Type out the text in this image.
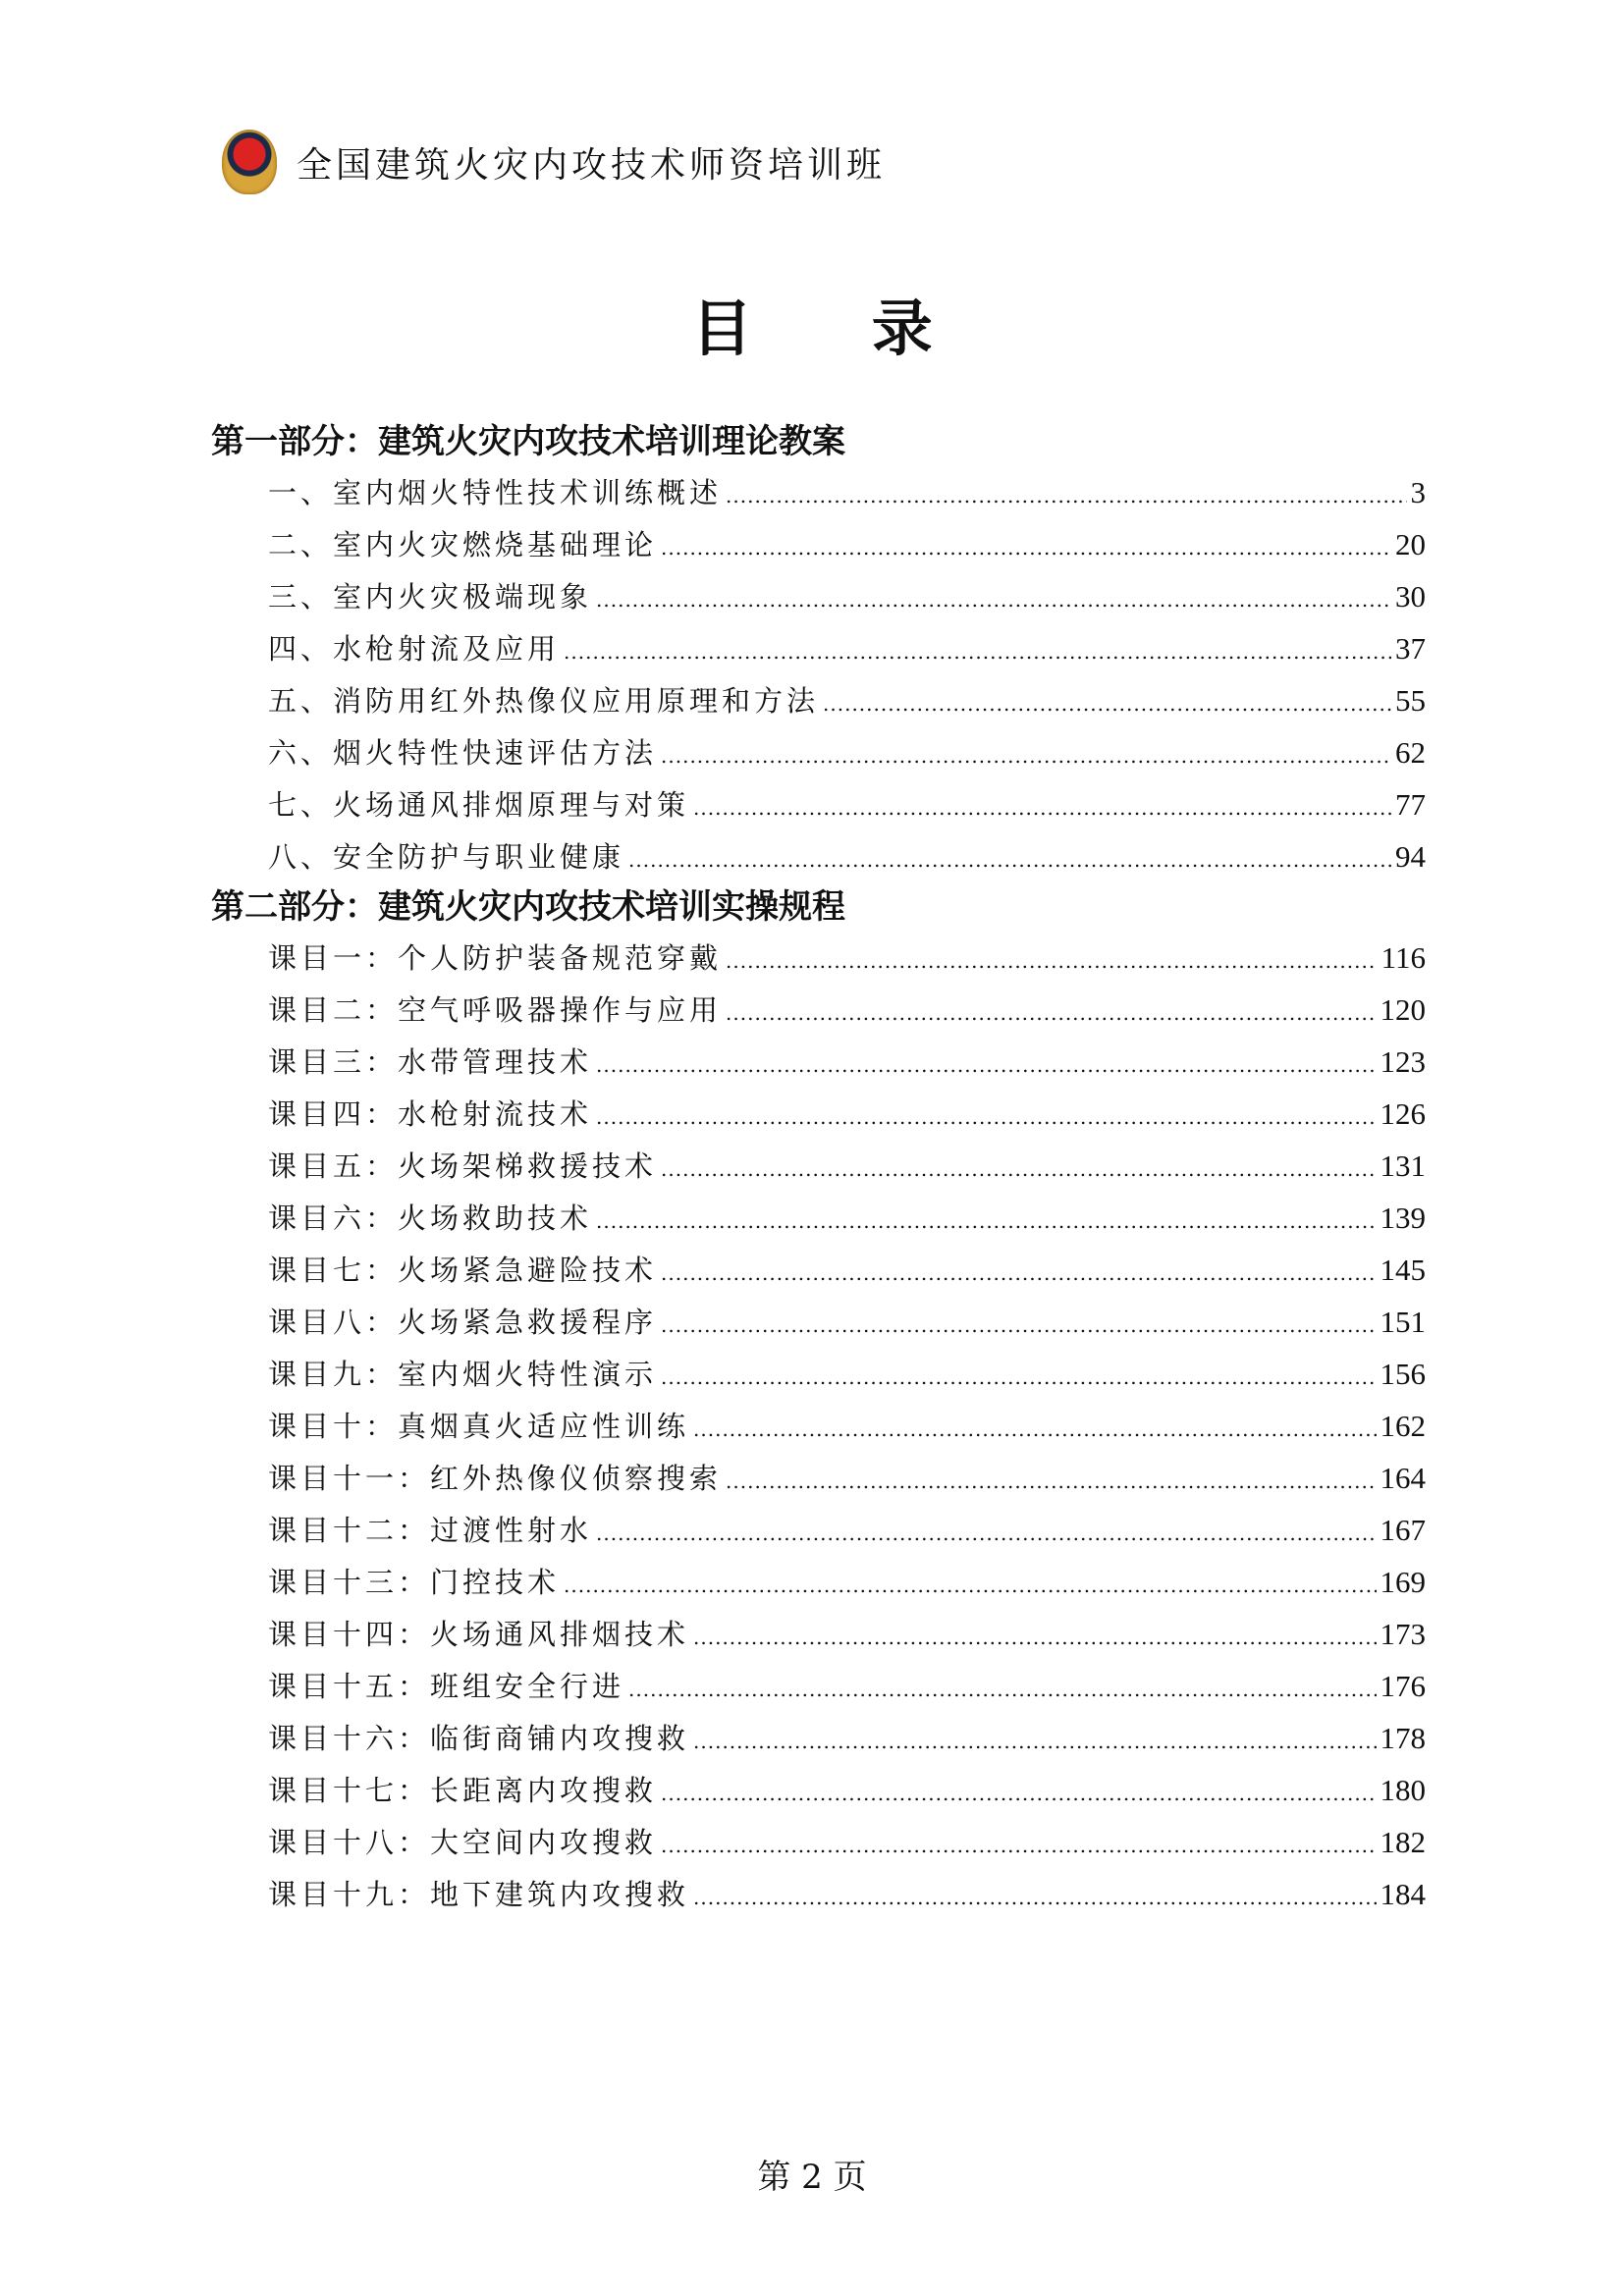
全国建筑火灾内攻技术师资培训班
目 录
第一部分：建筑火灾内攻技术培训理论教案
一、室内烟火特性技术训练概述 .....	3
二、室内火灾燃烧基础理论 .....	20
三、室内火灾极端现象 .....	30
四、水枪射流及应用 .....	37
五、消防用红外热像仪应用原理和方法 .....	55
六、烟火特性快速评估方法 .....	62
七、火场通风排烟原理与对策 .....	77
八、安全防护与职业健康 .....	94
第二部分：建筑火灾内攻技术培训实操规程
课目一：个人防护装备规范穿戴 .....	116
课目二：空气呼吸器操作与应用 .....	120
课目三：水带管理技术 .....	123
课目四：水枪射流技术 .....	126
课目五：火场架梯救援技术 .....	131
课目六：火场救助技术 .....	139
课目七：火场紧急避险技术 .....	145
课目八：火场紧急救援程序 .....	151
课目九：室内烟火特性演示 .....	156
课目十：真烟真火适应性训练 .....	162
课目十一：红外热像仪侦察搜索 .....	164
课目十二：过渡性射水 .....	167
课目十三：门控技术 .....	169
课目十四：火场通风排烟技术 .....	173
课目十五：班组安全行进 .....	176
课目十六：临街商铺内攻搜救 .....	178
课目十七：长距离内攻搜救 .....	180
课目十八：大空间内攻搜救 .....	182
课目十九：地下建筑内攻搜救 .....	184
第 2 页
